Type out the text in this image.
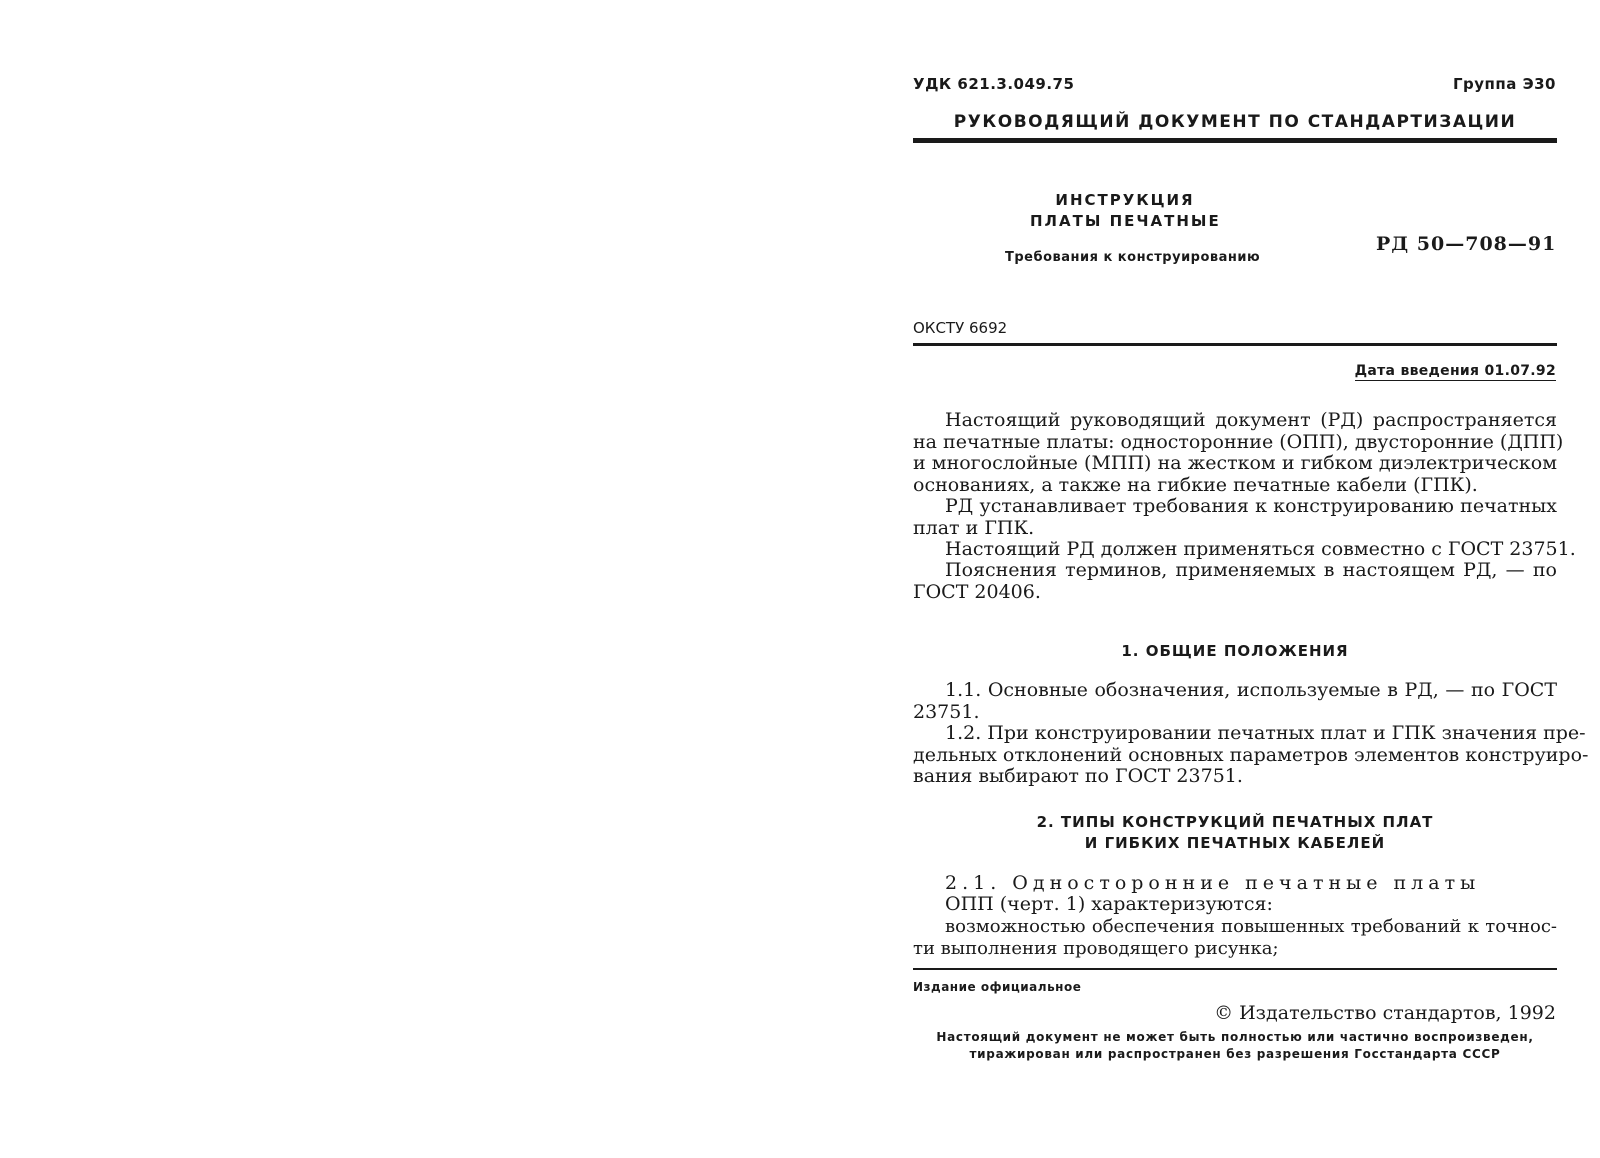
УДК 621.3.049.75	Группа Э30
РУКОВОДЯЩИЙ ДОКУМЕНТ ПО СТАНДАРТИЗАЦИИ
ИНСТРУКЦИЯ
ПЛАТЫ ПЕЧАТНЫЕ
Требования к конструированию
РД 50—708—91
ОКСТУ 6692
Дата введения 01.07.92
Настоящий руководящий документ (РД) распространяется
на печатные платы: односторонние (ОПП), двусторонние (ДПП)
и многослойные (МПП) на жестком и гибком диэлектрическом
основаниях, а также на гибкие печатные кабели (ГПК).
РД устанавливает требования к конструированию печатных
плат и ГПК.
Настоящий РД должен применяться совместно с ГОСТ 23751.
Пояснения терминов, применяемых в настоящем РД, — по
ГОСТ 20406.
1. ОБЩИЕ ПОЛОЖЕНИЯ
1.1. Основные обозначения, используемые в РД, — по ГОСТ
23751.
1.2. При конструировании печатных плат и ГПК значения пре-
дельных отклонений основных параметров элементов конструиро-
вания выбирают по ГОСТ 23751.
2. ТИПЫ КОНСТРУКЦИЙ ПЕЧАТНЫХ ПЛАТ
И ГИБКИХ ПЕЧАТНЫХ КАБЕЛЕЙ
2.1. Односторонние печатные платы
ОПП (черт. 1) характеризуются:
возможностью обеспечения повышенных требований к точнос-
ти выполнения проводящего рисунка;
Издание официальное
© Издательство стандартов, 1992
Настоящий документ не может быть полностью или частично воспроизведен,
тиражирован или распространен без разрешения Госстандарта СССР
